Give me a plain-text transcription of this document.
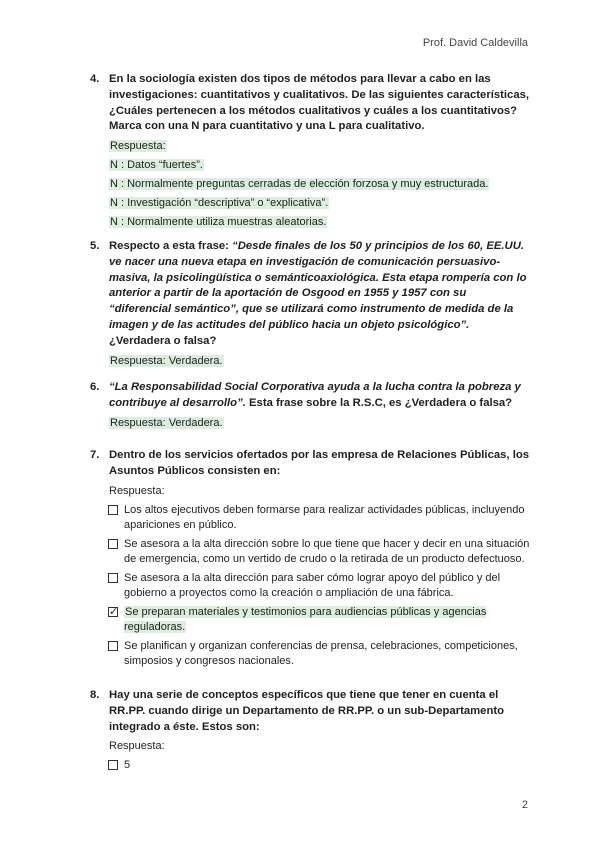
Prof. David Caldevilla
4. En la sociología existen dos tipos de métodos para llevar a cabo en las investigaciones: cuantitativos y cualitativos. De las siguientes características, ¿Cuáles pertenecen a los métodos cualitativos y cuáles a los cuantitativos? Marca con una N para cuantitativo y una L para cualitativo.
Respuesta:
N : Datos “fuertes”.
N : Normalmente preguntas cerradas de elección forzosa y muy estructurada.
N : Investigación “descriptiva” o “explicativa”.
N : Normalmente utiliza muestras aleatorias.
5. Respecto a esta frase: “Desde finales de los 50 y principios de los 60, EE.UU. ve nacer una nueva etapa en investigación de comunicación persuasivo-masiva, la psicolingüística o semánticoaxiológica. Esta etapa rompería con lo anterior a partir de la aportación de Osgood en 1955 y 1957 con su “diferencial semántico”, que se utilizará como instrumento de medida de la imagen y de las actitudes del público hacia un objeto psicológico”. ¿Verdadera o falsa?
Respuesta: Verdadera.
6. “La Responsabilidad Social Corporativa ayuda a la lucha contra la pobreza y contribuye al desarrollo”. Esta frase sobre la R.S.C, es ¿Verdadera o falsa?
Respuesta: Verdadera.
7. Dentro de los servicios ofertados por las empresa de Relaciones Públicas, los Asuntos Públicos consisten en:
Respuesta:
Los altos ejecutivos deben formarse para realizar actividades públicas, incluyendo apariciones en público.
Se asesora a la alta dirección sobre lo que tiene que hacer y decir en una situación de emergencia, como un vertido de crudo o la retirada de un producto defectuoso.
Se asesora a la alta dirección para saber cómo lograr apoyo del público y del gobierno a proyectos como la creación o ampliación de una fábrica.
✓
Se preparan materiales y testimonios para audiencias públicas y agencias reguladoras.
Se planifican y organizan conferencias de prensa, celebraciones, competiciones, simposios y congresos nacionales.
8. Hay una serie de conceptos específicos que tiene que tener en cuenta el RR.PP. cuando dirige un Departamento de RR.PP. o un sub-Departamento integrado a éste. Estos son:
Respuesta:
5
2
